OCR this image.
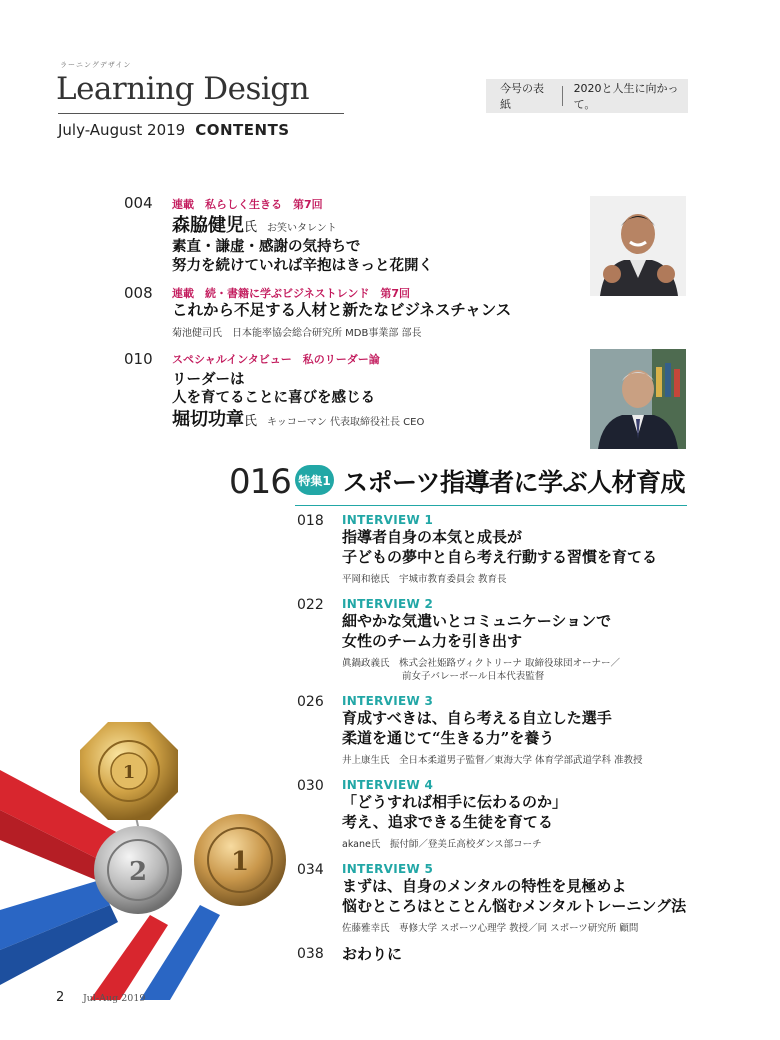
ラーニングデザイン
Learning Design
July-August 2019 CONTENTS
今号の表紙
2020と人生に向かって。
004 連載　私らしく生きる　第7回
森脇健児氏 お笑いタレント
素直・謙虚・感謝の気持ちで
努力を続けていれば辛抱はきっと花開く
008 連載　続・書籍に学ぶビジネストレンド　第7回
これから不足する人材と新たなビジネスチャンス
菊池健司氏　日本能率協会総合研究所 MDB事業部 部長
010 スペシャルインタビュー　私のリーダー論
リーダーは
人を育てることに喜びを感じる
堀切功章氏 キッコーマン 代表取締役社長 CEO
016 特集1 スポーツ指導者に学ぶ人材育成
018 INTERVIEW 1
指導者自身の本気と成長が
子どもの夢中と自ら考え行動する習慣を育てる
平岡和徳氏　宇城市教育委員会 教育長
022 INTERVIEW 2
細やかな気遣いとコミュニケーションで
女性のチーム力を引き出す
眞鍋政義氏　株式会社姫路ヴィクトリーナ 取締役球団オーナー／
前女子バレーボール日本代表監督
026 INTERVIEW 3
育成すべきは、自ら考える自立した選手
柔道を通じて“生きる力”を養う
井上康生氏　全日本柔道男子監督／東海大学 体育学部武道学科 准教授
030 INTERVIEW 4
「どうすれば相手に伝わるのか」
考え、追求できる生徒を育てる
akane氏　振付師／登美丘高校ダンス部コーチ
034 INTERVIEW 5
まずは、自身のメンタルの特性を見極めよ
悩むところはとことん悩むメンタルトレーニング法
佐藤雅幸氏　専修大学 スポーツ心理学 教授／同 スポーツ研究所 顧問
038 おわりに
1
2	1
2 Jul-Aug 2019
